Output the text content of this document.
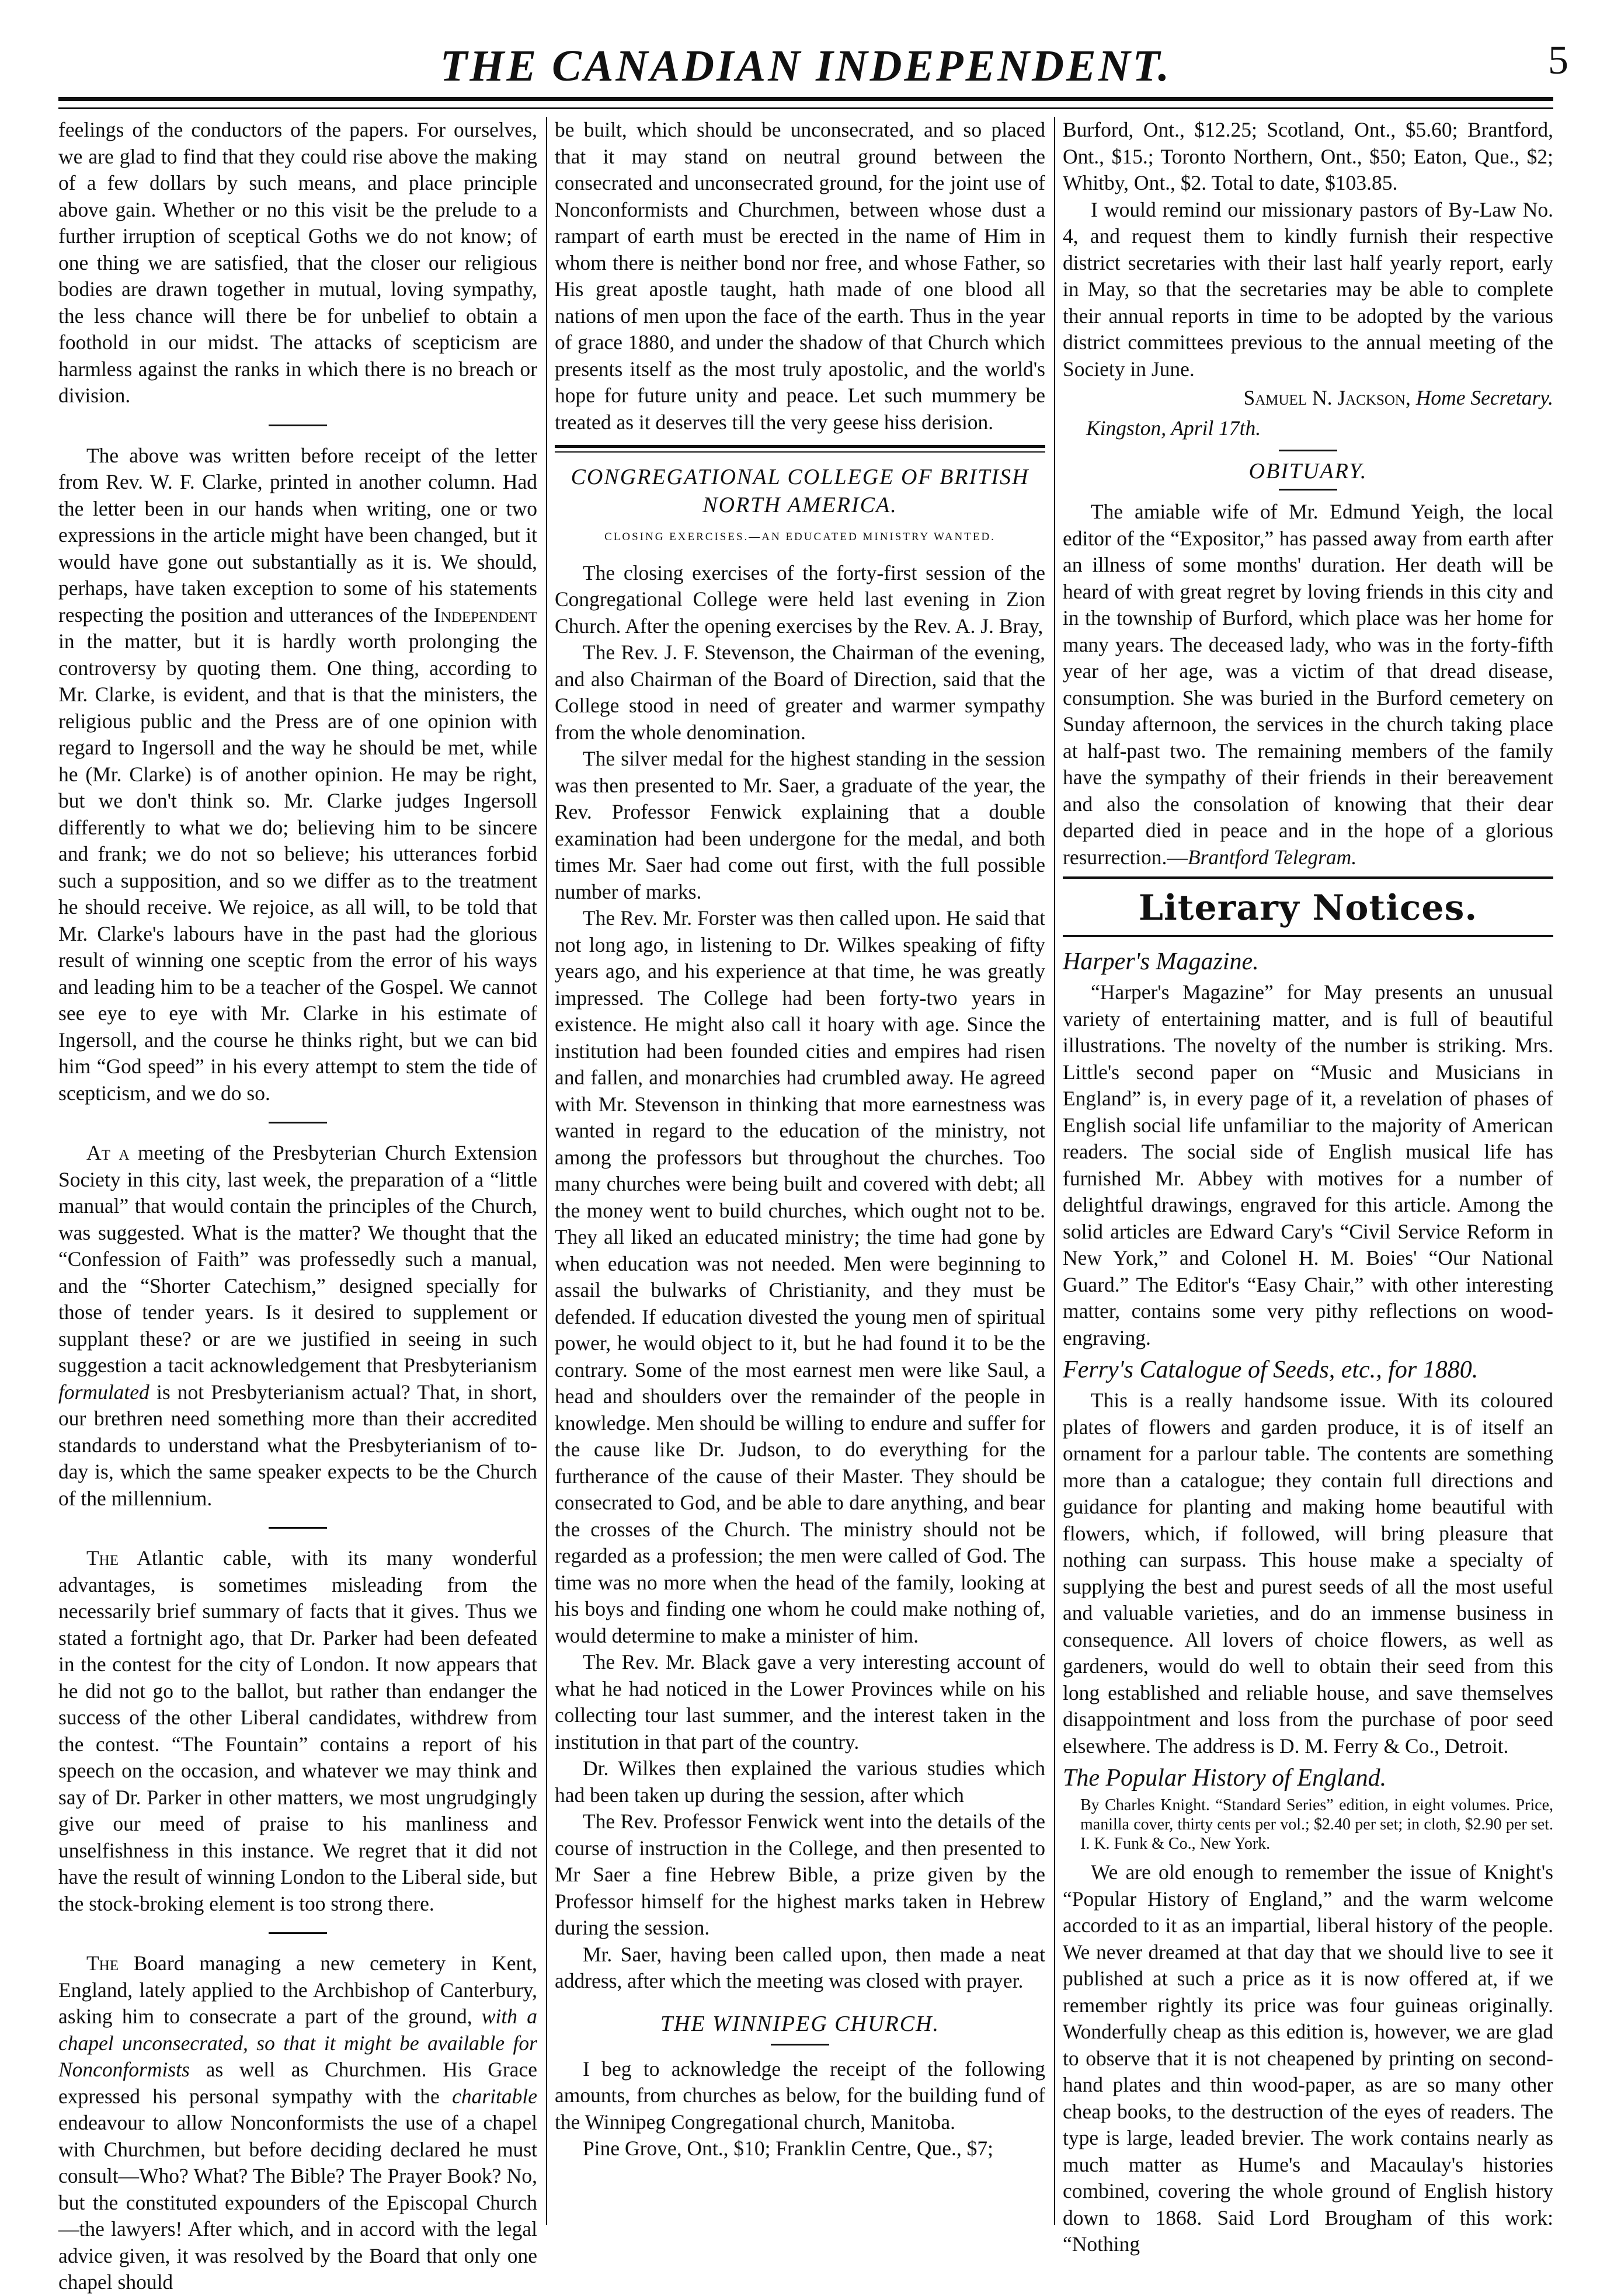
THE CANADIAN INDEPENDENT.	5

feelings of the conductors of the papers. For ourselves, we are glad to find that they could rise above the making of a few dollars by such means, and place principle above gain. Whether or no this visit be the prelude to a further irruption of sceptical Goths we do not know; of one thing we are satisfied, that the closer our religious bodies are drawn together in mutual, loving sympathy, the less chance will there be for unbelief to obtain a foothold in our midst. The attacks of scepticism are harmless against the ranks in which there is no breach or division.

The above was written before receipt of the letter from Rev. W. F. Clarke, printed in another column. Had the letter been in our hands when writing, one or two expressions in the article might have been changed, but it would have gone out substantially as it is. We should, perhaps, have taken exception to some of his statements respecting the position and utterances of the Independent in the matter, but it is hardly worth prolonging the controversy by quoting them. One thing, according to Mr. Clarke, is evident, and that is that the ministers, the religious public and the Press are of one opinion with regard to Ingersoll and the way he should be met, while he (Mr. Clarke) is of another opinion. He may be right, but we don't think so. Mr. Clarke judges Ingersoll differently to what we do; believing him to be sincere and frank; we do not so believe; his utterances forbid such a supposition, and so we differ as to the treatment he should receive. We rejoice, as all will, to be told that Mr. Clarke's labours have in the past had the glorious result of winning one sceptic from the error of his ways and leading him to be a teacher of the Gospel. We cannot see eye to eye with Mr. Clarke in his estimate of Ingersoll, and the course he thinks right, but we can bid him “God speed” in his every attempt to stem the tide of scepticism, and we do so.

At a meeting of the Presbyterian Church Extension Society in this city, last week, the preparation of a “little manual” that would contain the principles of the Church, was suggested. What is the matter? We thought that the “Confession of Faith” was professedly such a manual, and the “Shorter Catechism,” designed specially for those of tender years. Is it desired to supplement or supplant these? or are we justified in seeing in such suggestion a tacit acknowledgement that Presbyterianism formulated is not Presbyterianism actual? That, in short, our brethren need something more than their accredited standards to understand what the Presbyterianism of to-day is, which the same speaker expects to be the Church of the millennium.

The Atlantic cable, with its many wonderful advantages, is sometimes misleading from the necessarily brief summary of facts that it gives. Thus we stated a fortnight ago, that Dr. Parker had been defeated in the contest for the city of London. It now appears that he did not go to the ballot, but rather than endanger the success of the other Liberal candidates, withdrew from the contest. “The Fountain” contains a report of his speech on the occasion, and whatever we may think and say of Dr. Parker in other matters, we most ungrudgingly give our meed of praise to his manliness and unselfishness in this instance. We regret that it did not have the result of winning London to the Liberal side, but the stock-broking element is too strong there.

The Board managing a new cemetery in Kent, England, lately applied to the Archbishop of Canterbury, asking him to consecrate a part of the ground, with a chapel unconsecrated, so that it might be available for Nonconformists as well as Churchmen. His Grace expressed his personal sympathy with the charitable endeavour to allow Nonconformists the use of a chapel with Churchmen, but before deciding declared he must consult—Who? What? The Bible? The Prayer Book? No, but the constituted expounders of the Episcopal Church—the lawyers! After which, and in accord with the legal advice given, it was resolved by the Board that only one chapel should

be built, which should be unconsecrated, and so placed that it may stand on neutral ground between the consecrated and unconsecrated ground, for the joint use of Nonconformists and Churchmen, between whose dust a rampart of earth must be erected in the name of Him in whom there is neither bond nor free, and whose Father, so His great apostle taught, hath made of one blood all nations of men upon the face of the earth. Thus in the year of grace 1880, and under the shadow of that Church which presents itself as the most truly apostolic, and the world's hope for future unity and peace. Let such mummery be treated as it deserves till the very geese hiss derision.

CONGREGATIONAL COLLEGE OF BRITISH NORTH AMERICA.
CLOSING EXERCISES.—AN EDUCATED MINISTRY WANTED.

The closing exercises of the forty-first session of the Congregational College were held last evening in Zion Church. After the opening exercises by the Rev. A. J. Bray,

The Rev. J. F. Stevenson, the Chairman of the evening, and also Chairman of the Board of Direction, said that the College stood in need of greater and warmer sympathy from the whole denomination.

The silver medal for the highest standing in the session was then presented to Mr. Saer, a graduate of the year, the Rev. Professor Fenwick explaining that a double examination had been undergone for the medal, and both times Mr. Saer had come out first, with the full possible number of marks.

The Rev. Mr. Forster was then called upon. He said that not long ago, in listening to Dr. Wilkes speaking of fifty years ago, and his experience at that time, he was greatly impressed. The College had been forty-two years in existence. He might also call it hoary with age. Since the institution had been founded cities and empires had risen and fallen, and monarchies had crumbled away. He agreed with Mr. Stevenson in thinking that more earnestness was wanted in regard to the education of the ministry, not among the professors but throughout the churches. Too many churches were being built and covered with debt; all the money went to build churches, which ought not to be. They all liked an educated ministry; the time had gone by when education was not needed. Men were beginning to assail the bulwarks of Christianity, and they must be defended. If education divested the young men of spiritual power, he would object to it, but he had found it to be the contrary. Some of the most earnest men were like Saul, a head and shoulders over the remainder of the people in knowledge. Men should be willing to endure and suffer for the cause like Dr. Judson, to do everything for the furtherance of the cause of their Master. They should be consecrated to God, and be able to dare anything, and bear the crosses of the Church. The ministry should not be regarded as a profession; the men were called of God. The time was no more when the head of the family, looking at his boys and finding one whom he could make nothing of, would determine to make a minister of him.

The Rev. Mr. Black gave a very interesting account of what he had noticed in the Lower Provinces while on his collecting tour last summer, and the interest taken in the institution in that part of the country.

Dr. Wilkes then explained the various studies which had been taken up during the session, after which

The Rev. Professor Fenwick went into the details of the course of instruction in the College, and then presented to Mr Saer a fine Hebrew Bible, a prize given by the Professor himself for the highest marks taken in Hebrew during the session.

Mr. Saer, having been called upon, then made a neat address, after which the meeting was closed with prayer.

THE WINNIPEG CHURCH.

I beg to acknowledge the receipt of the following amounts, from churches as below, for the building fund of the Winnipeg Congregational church, Manitoba.

Pine Grove, Ont., $10; Franklin Centre, Que., $7;

Burford, Ont., $12.25; Scotland, Ont., $5.60; Brantford, Ont., $15.; Toronto Northern, Ont., $50; Eaton, Que., $2; Whitby, Ont., $2. Total to date, $103.85.

I would remind our missionary pastors of By-Law No. 4, and request them to kindly furnish their respective district secretaries with their last half yearly report, early in May, so that the secretaries may be able to complete their annual reports in time to be adopted by the various district committees previous to the annual meeting of the Society in June.

Samuel N. Jackson, Home Secretary.

Kingston, April 17th.

OBITUARY.

The amiable wife of Mr. Edmund Yeigh, the local editor of the “Expositor,” has passed away from earth after an illness of some months' duration. Her death will be heard of with great regret by loving friends in this city and in the township of Burford, which place was her home for many years. The deceased lady, who was in the forty-fifth year of her age, was a victim of that dread disease, consumption. She was buried in the Burford cemetery on Sunday afternoon, the services in the church taking place at half-past two. The remaining members of the family have the sympathy of their friends in their bereavement and also the consolation of knowing that their dear departed died in peace and in the hope of a glorious resurrection.—Brantford Telegram.

Literary Notices.

Harper's Magazine.

“Harper's Magazine” for May presents an unusual variety of entertaining matter, and is full of beautiful illustrations. The novelty of the number is striking. Mrs. Little's second paper on “Music and Musicians in England” is, in every page of it, a revelation of phases of English social life unfamiliar to the majority of American readers. The social side of English musical life has furnished Mr. Abbey with motives for a number of delightful drawings, engraved for this article. Among the solid articles are Edward Cary's “Civil Service Reform in New York,” and Colonel H. M. Boies' “Our National Guard.” The Editor's “Easy Chair,” with other interesting matter, contains some very pithy reflections on wood-engraving.

Ferry's Catalogue of Seeds, etc., for 1880.

This is a really handsome issue. With its coloured plates of flowers and garden produce, it is of itself an ornament for a parlour table. The contents are something more than a catalogue; they contain full directions and guidance for planting and making home beautiful with flowers, which, if followed, will bring pleasure that nothing can surpass. This house make a specialty of supplying the best and purest seeds of all the most useful and valuable varieties, and do an immense business in consequence. All lovers of choice flowers, as well as gardeners, would do well to obtain their seed from this long established and reliable house, and save themselves disappointment and loss from the purchase of poor seed elsewhere. The address is D. M. Ferry & Co., Detroit.

The Popular History of England.

By Charles Knight. “Standard Series” edition, in eight volumes. Price, manilla cover, thirty cents per vol.; $2.40 per set; in cloth, $2.90 per set. I. K. Funk & Co., New York.

We are old enough to remember the issue of Knight's “Popular History of England,” and the warm welcome accorded to it as an impartial, liberal history of the people. We never dreamed at that day that we should live to see it published at such a price as it is now offered at, if we remember rightly its price was four guineas originally. Wonderfully cheap as this edition is, however, we are glad to observe that it is not cheapened by printing on second-hand plates and thin wood-paper, as are so many other cheap books, to the destruction of the eyes of readers. The type is large, leaded brevier. The work contains nearly as much matter as Hume's and Macaulay's histories combined, covering the whole ground of English history down to 1868. Said Lord Brougham of this work: “Nothing
